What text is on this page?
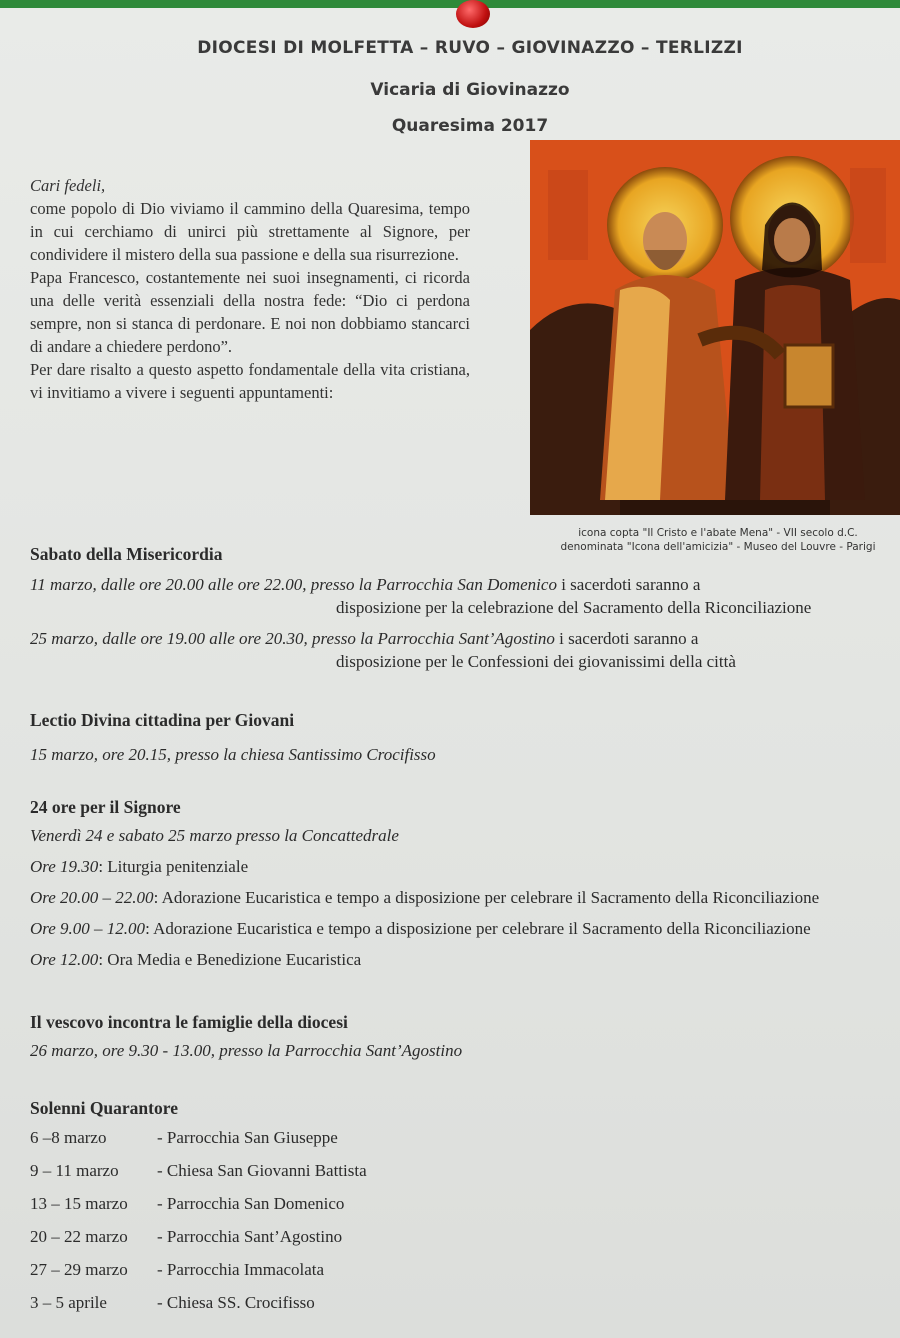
DIOCESI DI MOLFETTA – RUVO – GIOVINAZZO – TERLIZZI
Vicaria di Giovinazzo
Quaresima 2017

Cari fedeli,

come popolo di Dio viviamo il cammino della Quaresima, tempo in cui cerchiamo di unirci più strettamente al Signore, per condividere il mistero della sua passione e della sua risurrezione.

Papa Francesco, costantemente nei suoi insegnamenti, ci ricorda una delle verità essenziali della nostra fede: “Dio ci perdona sempre, non si stanca di perdonare. E noi non dobbiamo stancarci di andare a chiedere perdono”.

Per dare risalto a questo aspetto fondamentale della vita cristiana, vi invitiamo a vivere i seguenti appuntamenti:

icona copta "Il Cristo e l'abate Mena" - VII secolo d.C.
denominata "Icona dell'amicizia" - Museo del Louvre - Parigi
Sabato della Misericordia
11 marzo, dalle ore 20.00 alle ore 22.00, presso la Parrocchia San Domenico i sacerdoti saranno a
disposizione per la celebrazione del Sacramento della Riconciliazione
25 marzo, dalle ore 19.00 alle ore 20.30, presso la Parrocchia Sant’Agostino i sacerdoti saranno a
disposizione per le Confessioni dei giovanissimi della città
Lectio Divina cittadina per Giovani
15 marzo, ore 20.15, presso la chiesa Santissimo Crocifisso
24 ore per il Signore
Venerdì 24 e sabato 25 marzo presso la Concattedrale
Ore 19.30: Liturgia penitenziale
Ore 20.00 – 22.00: Adorazione Eucaristica e tempo a disposizione per celebrare il Sacramento della Riconciliazione
Ore 9.00 – 12.00: Adorazione Eucaristica e tempo a disposizione per celebrare il Sacramento della Riconciliazione
Ore 12.00: Ora Media e Benedizione Eucaristica
Il vescovo incontra le famiglie della diocesi
26 marzo, ore 9.30 - 13.00, presso la Parrocchia Sant’Agostino
Solenni Quarantore
6 –8 marzo	- Parrocchia San Giuseppe
9 – 11 marzo	- Chiesa San Giovanni Battista
13 – 15 marzo	- Parrocchia San Domenico
20 – 22 marzo	- Parrocchia Sant’Agostino
27 – 29 marzo	- Parrocchia Immacolata
3 – 5 aprile	- Chiesa SS. Crocifisso
